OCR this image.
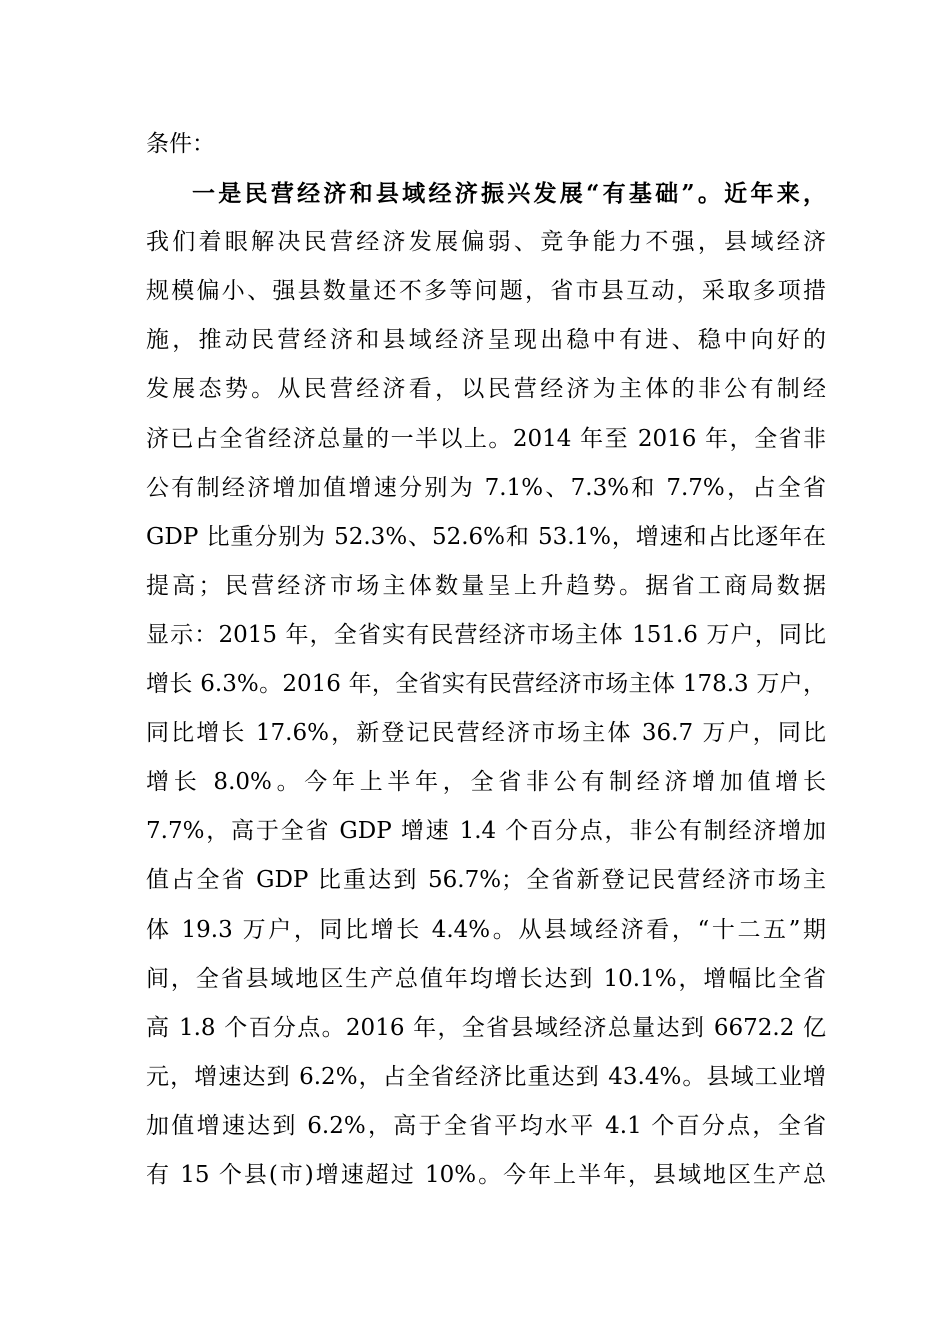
条件：
一是民营经济和县域经济振兴发展“有基础”。近年来，
我们着眼解决民营经济发展偏弱、竞争能力不强，县域经济
规模偏小、强县数量还不多等问题，省市县互动，采取多项措
施，推动民营经济和县域经济呈现出稳中有进、稳中向好的
发展态势。从民营经济看，以民营经济为主体的非公有制经
济已占全省经济总量的一半以上。2014 年至 2016 年，全省非
公有制经济增加值增速分别为 7.1%、7.3%和 7.7%，占全省
GDP 比重分别为 52.3%、52.6%和 53.1%，增速和占比逐年在
提高；民营经济市场主体数量呈上升趋势。据省工商局数据
显示：2015 年，全省实有民营经济市场主体 151.6 万户，同比
增长 6.3%。2016 年，全省实有民营经济市场主体 178.3 万户，
同比增长 17.6%，新登记民营经济市场主体 36.7 万户，同比
增长 8.0%。今年上半年，全省非公有制经济增加值增长
7.7%，高于全省 GDP 增速 1.4 个百分点，非公有制经济增加
值占全省 GDP 比重达到 56.7%；全省新登记民营经济市场主
体 19.3 万户，同比增长 4.4%。从县域经济看，“十二五”期
间，全省县域地区生产总值年均增长达到 10.1%，增幅比全省
高 1.8 个百分点。2016 年，全省县域经济总量达到 6672.2 亿
元，增速达到 6.2%，占全省经济比重达到 43.4%。县域工业增
加值增速达到 6.2%，高于全省平均水平 4.1 个百分点，全省
有 15 个县(市)增速超过 10%。今年上半年，县域地区生产总
